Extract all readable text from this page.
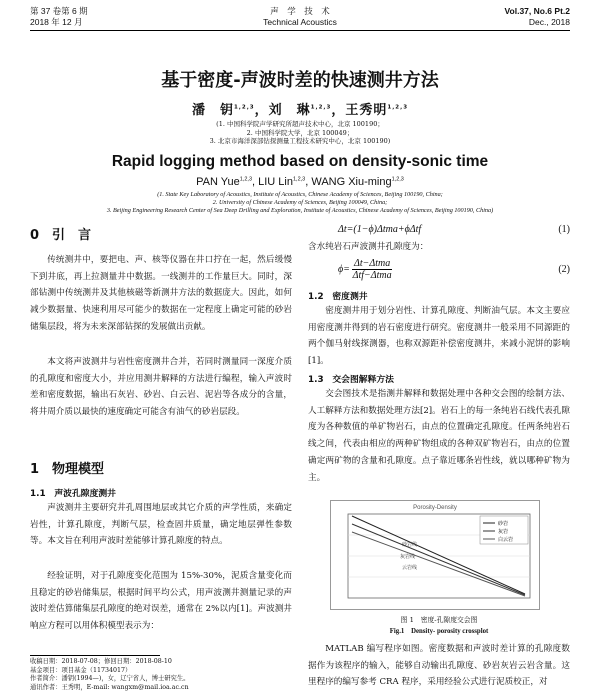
第 37 卷第 6 期
2018 年 12 月
声　学　技　术
Technical Acoustics
Vol.37, No.6 Pt.2
Dec., 2018
基于密度-声波时差的快速测井方法
潘　钥$^{1,2,3}$，刘　琳$^{1,2,3}$，王秀明$^{1,2,3}$
(1. 中国科学院声学研究所超声技术中心，北京 100190；
2. 中国科学院大学，北京 100049；
3. 北京市海洋深部钻探测量工程技术研究中心，北京 100190)
Rapid logging method based on density-sonic time
PAN Yue$^{1,2,3}$, LIU Lin$^{1,2,3}$, WANG Xiu-ming$^{1,2,3}$
(1. State Key Laboratory of Acoustics, Institute of Acoustics, Chinese Academy of Sciences, Beijing 100190, China;
2. University of Chinese Academy of Sciences, Beijing 100049, China;
3. Beijing Engineering Research Center of Sea Deep Drilling and Exploration, Institute of Acoustics, Chinese Academy of Sciences, Beijing 100190, China)
0　引　言
传统测井中，要把电、声、核等仪器在井口拧在一起，然后缓慢下到井底，再上拉测量井中数据。一线测井的工作量巨大。同时，深部钻测中传统测井及其他核磁等新测井方法的数据庞大。因此，如何减少数据量、快速利用尽可能少的数据在一定程度上确定可能的砂岩储集层段，将为未来深部钻探的发展做出贡献。
本文将声波测井与岩性密度测井合并，若同时测量同一深度介质的孔隙度和密度大小，并应用测井解释的方法进行编程，输入声波时差和密度数据，输出石灰岩、砂岩、白云岩、泥岩等各成分的含量，将井周介质以最快的速度确定可能含有油气的砂岩层段。
1　物理模型
1.1　声波孔隙度测井
声波测井主要研究井孔周围地层或其它介质的声学性质，来确定岩性，计算孔隙度，判断气层，检查固井质量，确定地层弹性参数等。本文旨在利用声波时差能够计算孔隙度的特点。
经验证明，对于孔隙度变化范围为 15%-30%，泥质含量变化而且稳定的砂岩储集层，根据时间平均公式，用声波测井测量记录的声波时差估算储集层孔隙度的绝对误差，通常在 2%以内[1]。声波测井响应方程可以用体积模型表示为：
收稿日期：2018-07-08；修回日期：2018-08-10
基金项目：项目基金（11734017）
作者简介：潘钥(1994—)，女，辽宁省人，博士研究生。
通讯作者：王秀明，E-mail: wangxm@mail.ioa.ac.cn
Δt=(1−ϕ)Δtma+ϕΔtf	(1)
含水纯岩石声波测井孔隙度为：
ϕ=
Δt−Δtma
Δtf−Δtma
(2)
1.2　密度测井
密度测井用于划分岩性、计算孔隙度、判断油气层。本文主要应用密度测井得到的岩石密度进行研究。密度测井一般采用不同源距的两个伽马射线探测器，也称双源距补偿密度测井，来减小泥饼的影响[1]。
1.3　交会图解释方法
交会图技术是指测井解释和数据处理中各种交会图的绘制方法、人工解释方法和数据处理方法[2]。岩石上的每一条纯岩石线代表孔隙度为各种数值的单矿物岩石，由点的位置确定孔隙度。任两条纯岩石线之间，代表由相应的两种矿物组成的各种双矿物岩石，由点的位置确定两矿物的含量和孔隙度。点子靠近哪条岩性线，就以哪种矿物为主。
Porosity-Density
砂岩线
灰岩线
云岩线
砂岩
灰岩
白云岩
图 1　密度-孔隙度交会图
Fig.1　Density- porosity crossplot
MATLAB 编写程序如图。密度数据和声波时差计算的孔隙度数据作为该程序的输入，能够自动输出孔隙度、砂岩灰岩云岩含量。这里程序的编写参考 CRA 程序，采用经验公式进行泥质校正，对
